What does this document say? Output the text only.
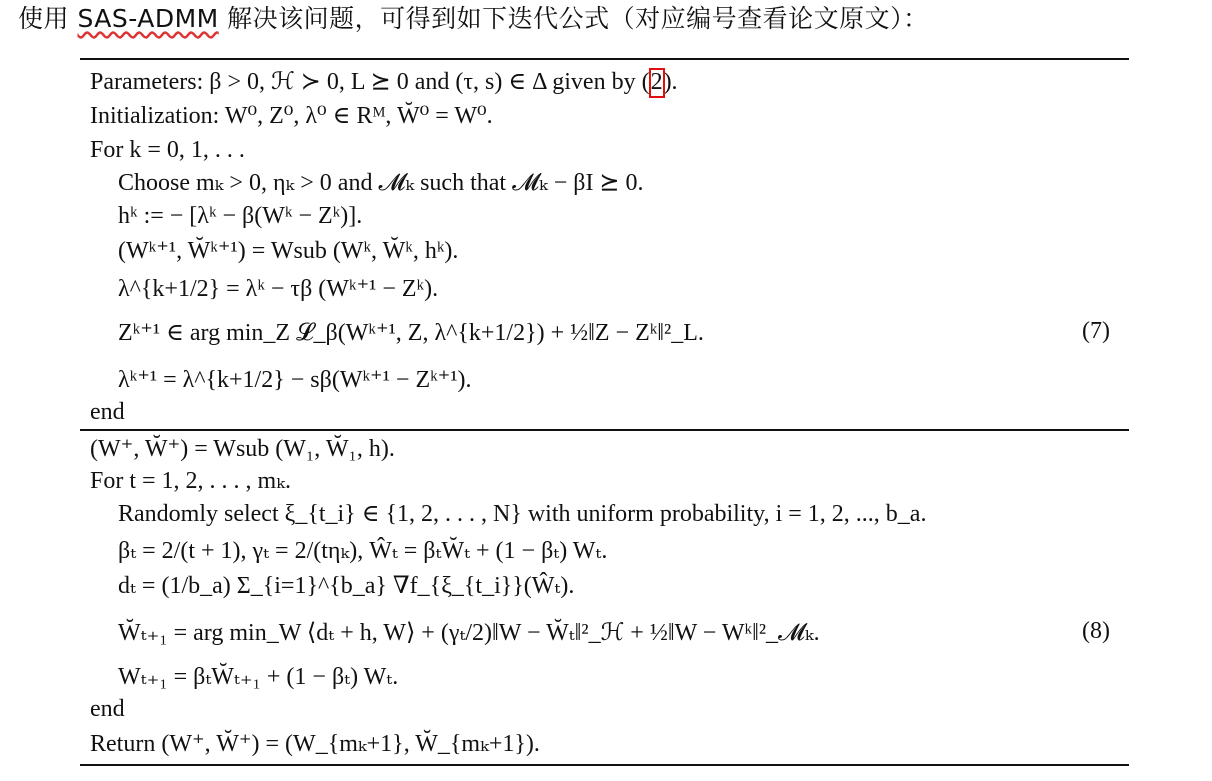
使用 SAS-ADMM 解决该问题，可得到如下迭代公式（对应编号查看论文原文）：
Parameters: β > 0, ℋ ≻ 0, L ⪰ 0 and (τ, s) ∈ Δ given by (2).
Initialization: W⁰, Z⁰, λ⁰ ∈ Rᴹ, W̆⁰ = W⁰.
For k = 0, 1, . . .
Choose mₖ > 0, ηₖ > 0 and 𝓜ₖ such that 𝓜ₖ − βI ⪰ 0.
hᵏ := − [λᵏ − β(Wᵏ − Zᵏ)].
(Wᵏ⁺¹, W̆ᵏ⁺¹) = Wsub (Wᵏ, W̆ᵏ, hᵏ).
λ^{k+1/2} = λᵏ − τβ (Wᵏ⁺¹ − Zᵏ).
Zᵏ⁺¹ ∈ arg min_Z 𝓛_β(Wᵏ⁺¹, Z, λ^{k+1/2}) + ½‖Z − Zᵏ‖²_L.	(7)
λᵏ⁺¹ = λ^{k+1/2} − sβ(Wᵏ⁺¹ − Zᵏ⁺¹).
end
(W⁺, W̆⁺) = Wsub (W₁, W̆₁, h).
For t = 1, 2, . . . , mₖ.
Randomly select ξ_{t_i} ∈ {1, 2, . . . , N} with uniform probability, i = 1, 2, ..., b_a.
βₜ = 2/(t + 1), γₜ = 2/(tηₖ), Ŵₜ = βₜW̆ₜ + (1 − βₜ) Wₜ.
dₜ = (1/b_a) Σ_{i=1}^{b_a} ∇f_{ξ_{t_i}}(Ŵₜ).
W̆ₜ₊₁ = arg min_W ⟨dₜ + h, W⟩ + (γₜ/2)‖W − W̆ₜ‖²_ℋ + ½‖W − Wᵏ‖²_𝓜ₖ.	(8)
Wₜ₊₁ = βₜW̆ₜ₊₁ + (1 − βₜ) Wₜ.
end
Return (W⁺, W̆⁺) = (W_{mₖ+1}, W̆_{mₖ+1}).
